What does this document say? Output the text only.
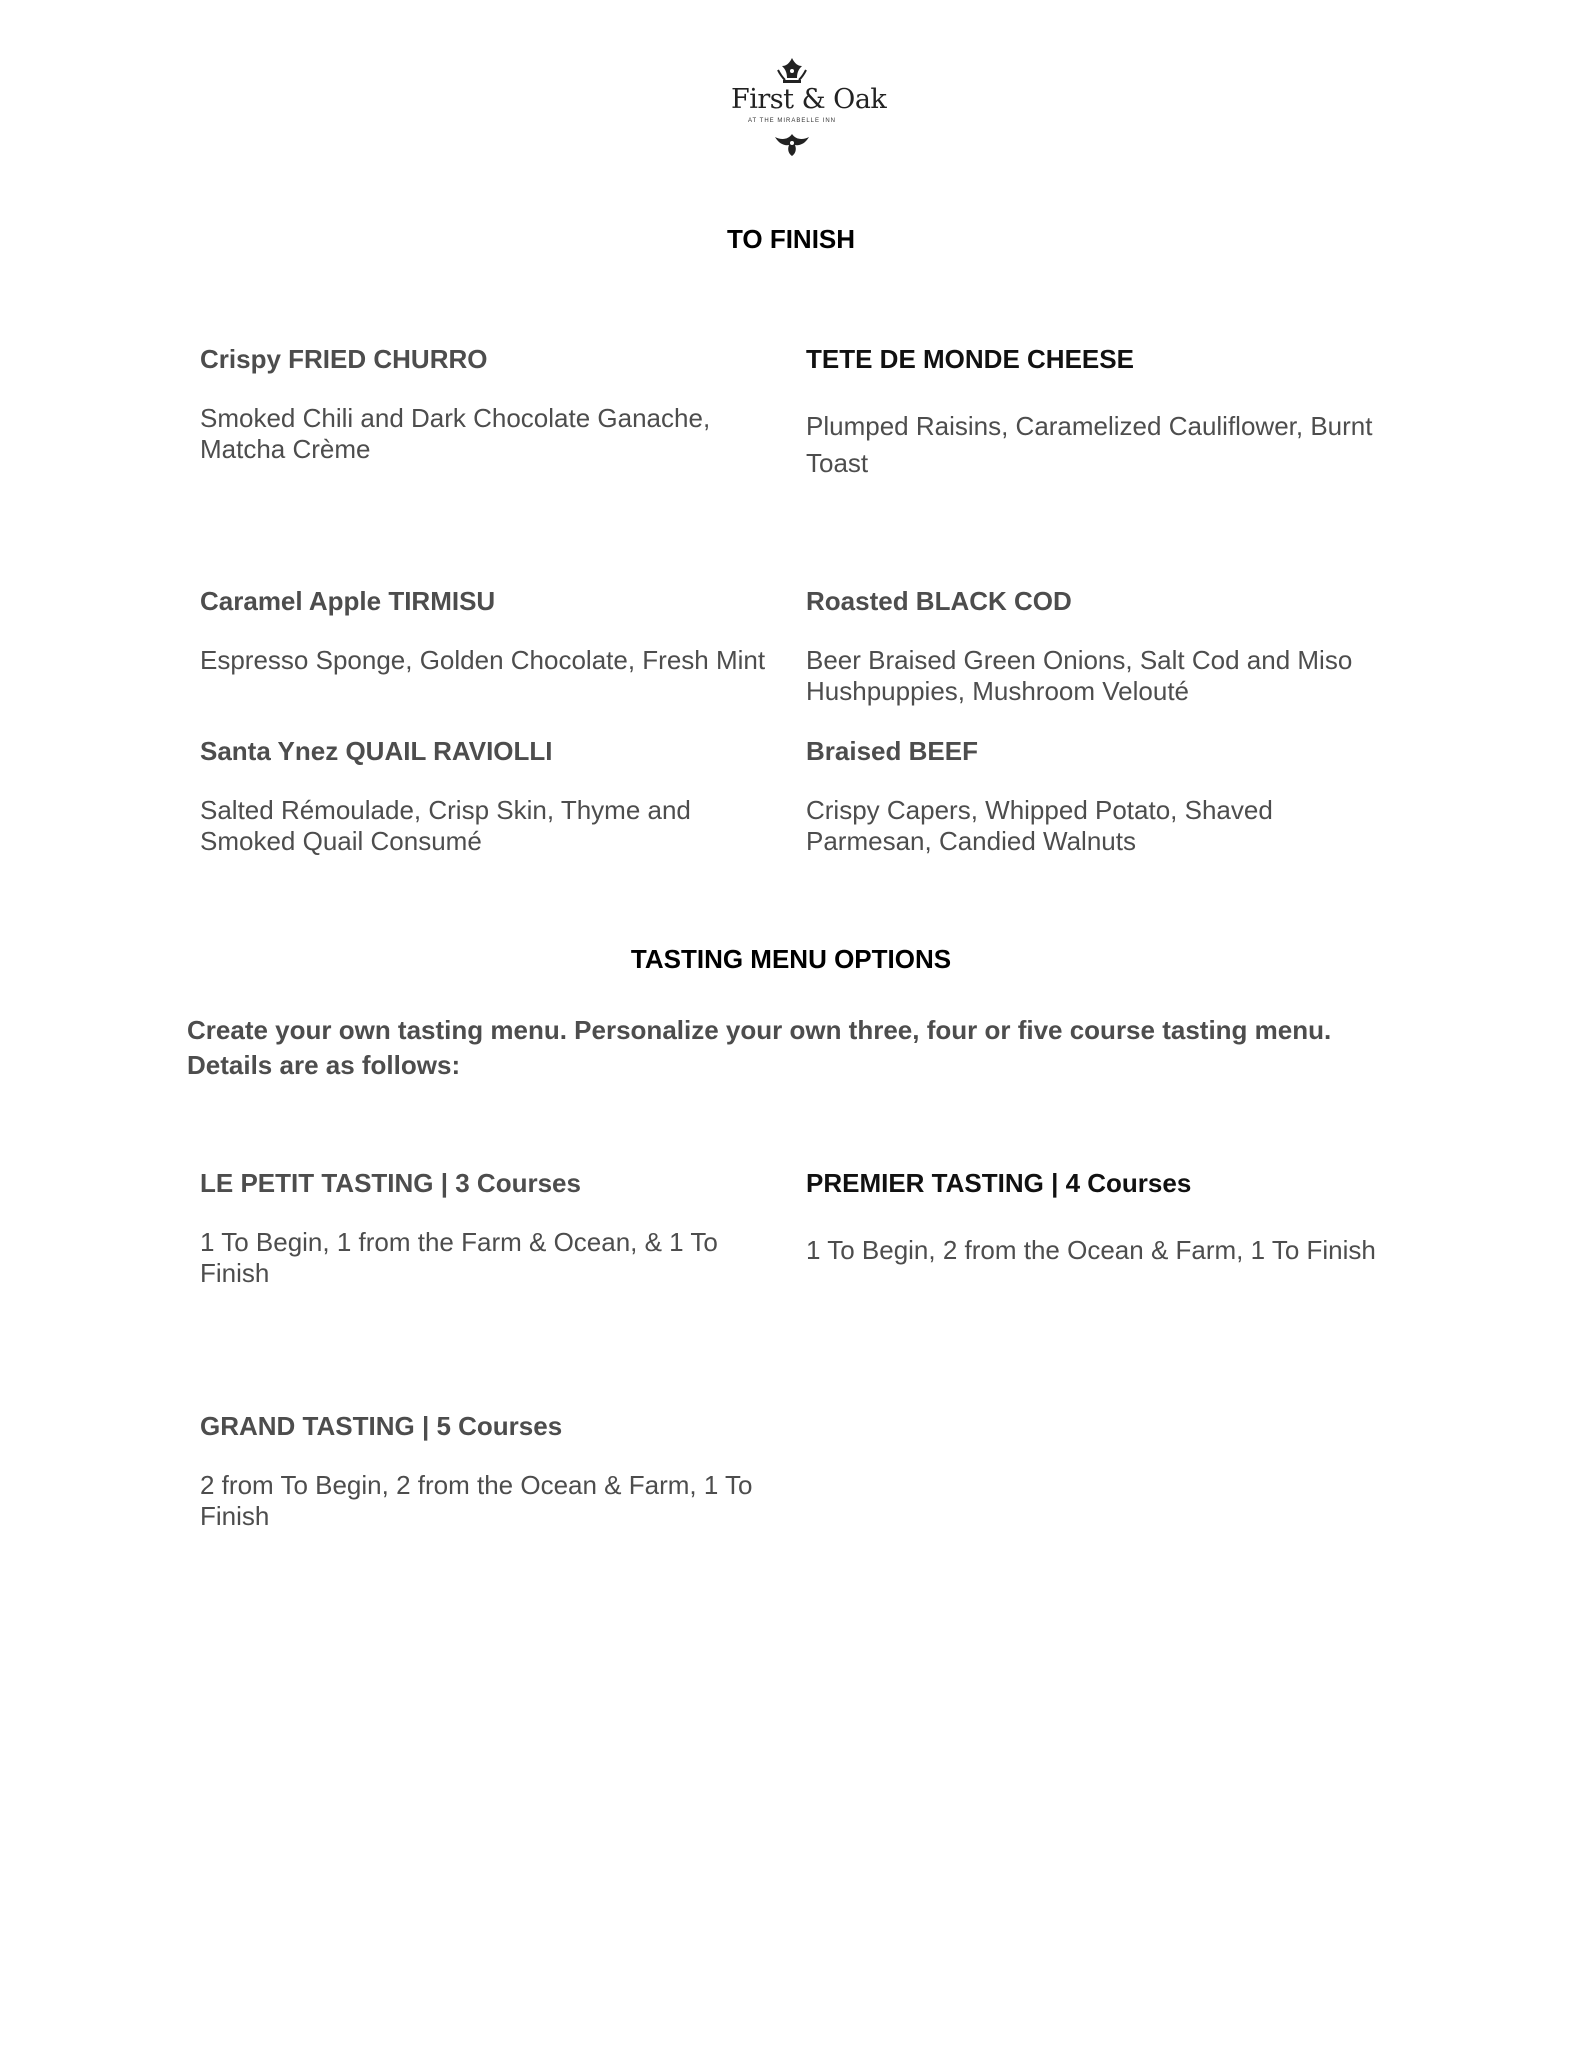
First & Oak
AT THE MIRABELLE INN
TO FINISH
Crispy FRIED CHURRO
Smoked Chili and Dark Chocolate Ganache, Matcha Crème
TETE DE MONDE CHEESE
Plumped Raisins, Caramelized Cauliflower, Burnt Toast
Caramel Apple TIRMISU
Espresso Sponge, Golden Chocolate, Fresh Mint
Roasted BLACK COD
Beer Braised Green Onions, Salt Cod and Miso Hushpuppies, Mushroom Velouté
Santa Ynez QUAIL RAVIOLLI
Salted Rémoulade, Crisp Skin, Thyme and Smoked Quail Consumé
Braised BEEF
Crispy Capers, Whipped Potato, Shaved Parmesan, Candied Walnuts
TASTING MENU OPTIONS
Create your own tasting menu. Personalize your own three, four or five course tasting menu. Details are as follows:
LE PETIT TASTING | 3 Courses
1 To Begin, 1 from the Farm & Ocean, & 1 To Finish
PREMIER TASTING | 4 Courses
1 To Begin, 2 from the Ocean & Farm, 1 To Finish
GRAND TASTING | 5 Courses
2 from To Begin, 2 from the Ocean & Farm, 1 To Finish
